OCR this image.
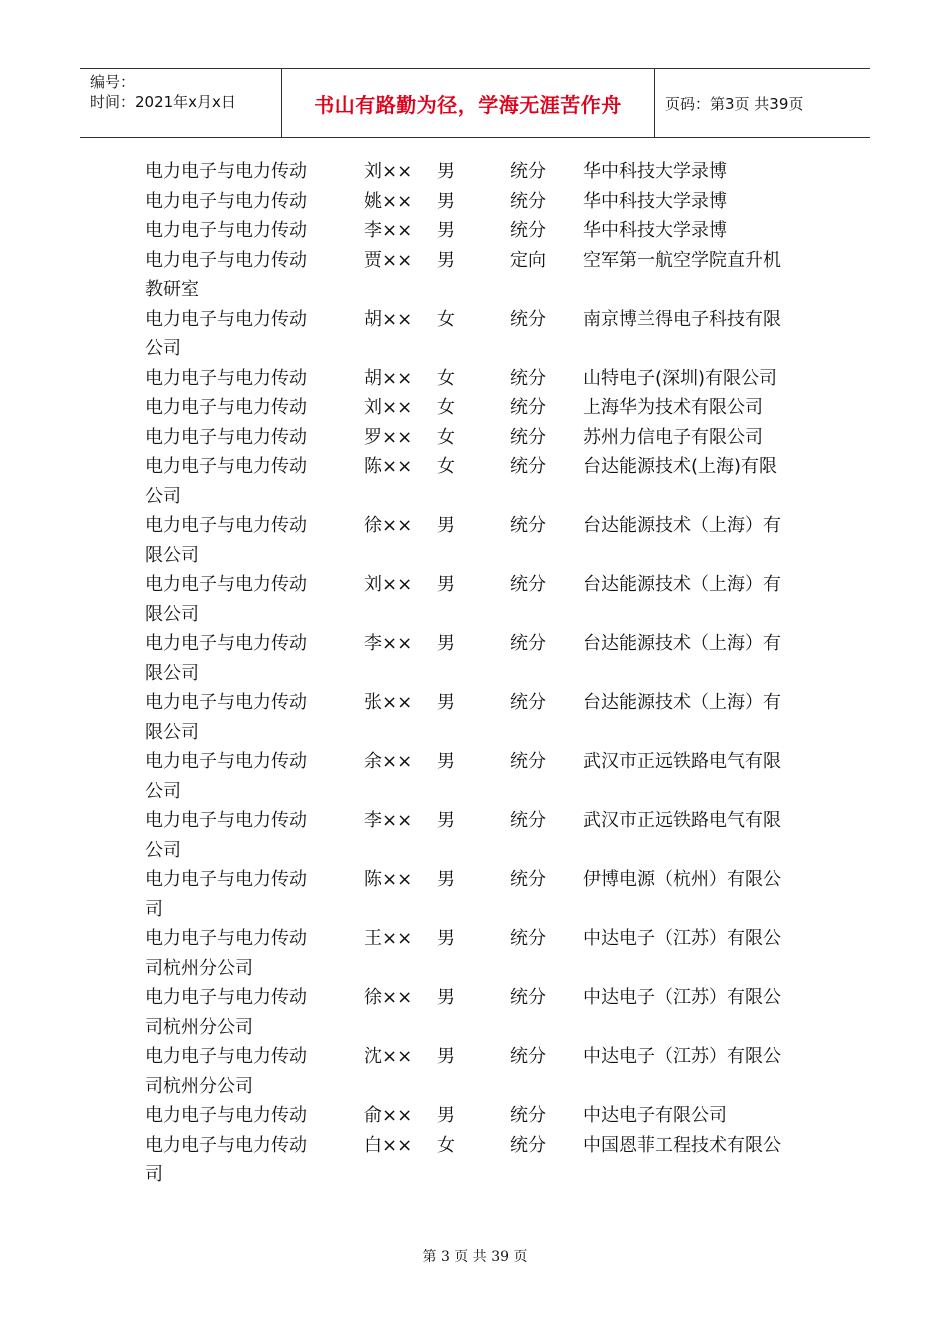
编号：
时间：2021年x月x日	书山有路勤为径，学海无涯苦作舟	页码：第3页 共39页
电力电子与电力传动	刘×× 男	统分 华中科技大学录博
电力电子与电力传动	姚×× 男	统分 华中科技大学录博
电力电子与电力传动	李×× 男	统分 华中科技大学录博
电力电子与电力传动	贾×× 男	定向 空军第一航空学院直升机
教研室
电力电子与电力传动	胡×× 女	统分 南京博兰得电子科技有限
公司
电力电子与电力传动	胡×× 女	统分 山特电子(深圳)有限公司
电力电子与电力传动	刘×× 女	统分 上海华为技术有限公司
电力电子与电力传动	罗×× 女	统分 苏州力信电子有限公司
电力电子与电力传动	陈×× 女	统分 台达能源技术(上海)有限
公司
电力电子与电力传动	徐×× 男	统分 台达能源技术（上海）有
限公司
电力电子与电力传动	刘×× 男	统分 台达能源技术（上海）有
限公司
电力电子与电力传动	李×× 男	统分 台达能源技术（上海）有
限公司
电力电子与电力传动	张×× 男	统分 台达能源技术（上海）有
限公司
电力电子与电力传动	余×× 男	统分 武汉市正远铁路电气有限
公司
电力电子与电力传动	李×× 男	统分 武汉市正远铁路电气有限
公司
电力电子与电力传动	陈×× 男	统分 伊博电源（杭州）有限公
司
电力电子与电力传动	王×× 男	统分 中达电子（江苏）有限公
司杭州分公司
电力电子与电力传动	徐×× 男	统分 中达电子（江苏）有限公
司杭州分公司
电力电子与电力传动	沈×× 男	统分 中达电子（江苏）有限公
司杭州分公司
电力电子与电力传动	俞×× 男	统分 中达电子有限公司
电力电子与电力传动	白×× 女	统分 中国恩菲工程技术有限公
司
第 3 页 共 39 页
